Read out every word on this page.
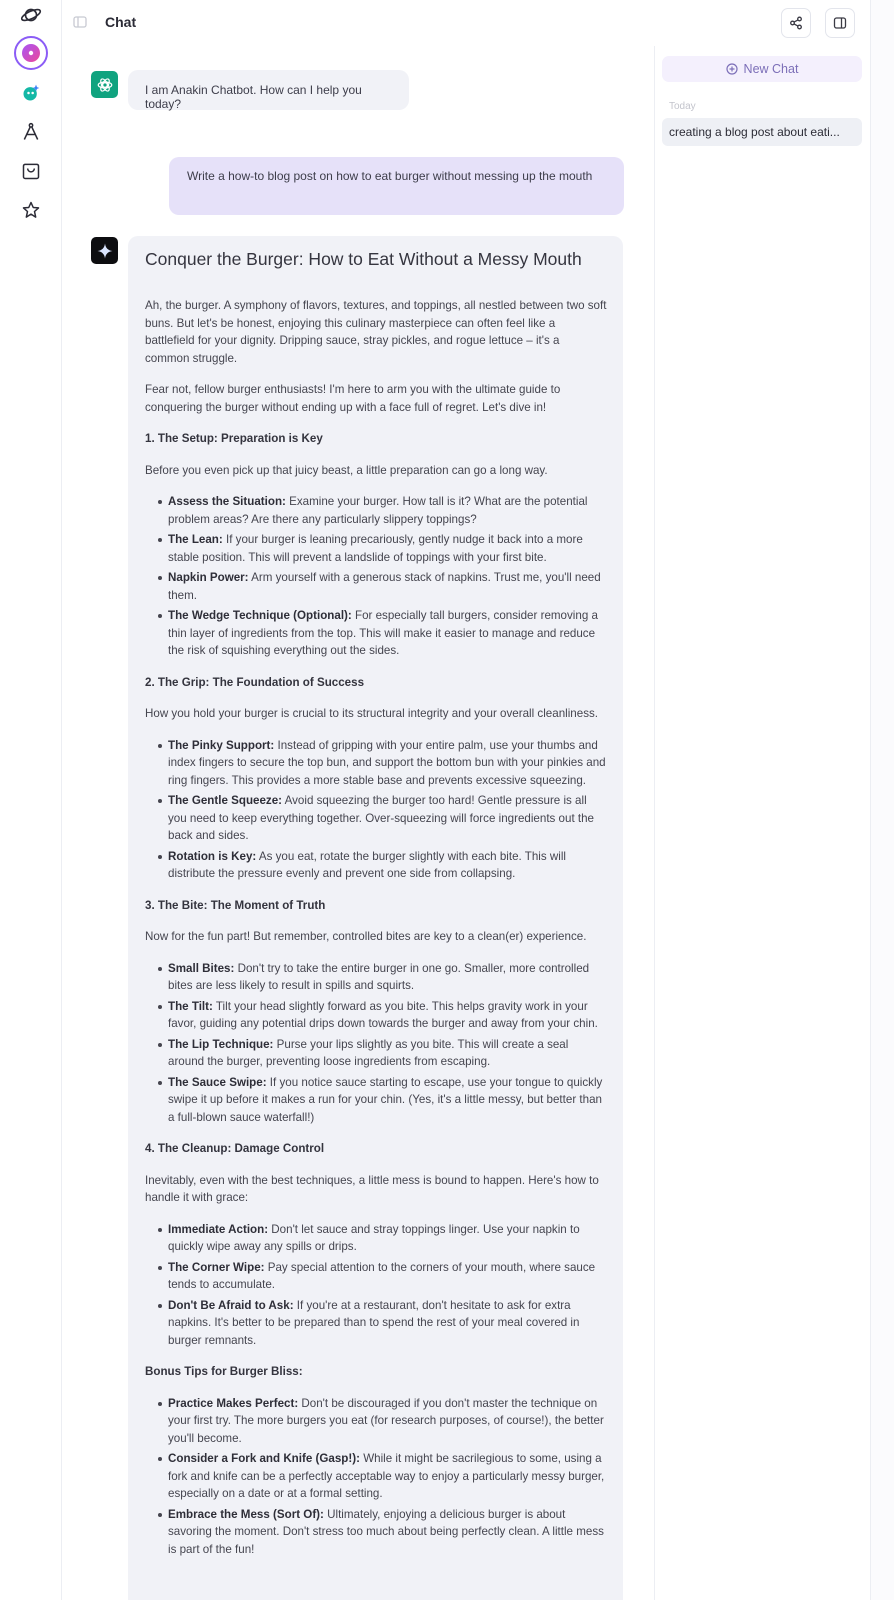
Chat
New Chat
Today
creating a blog post about eati...
I am Anakin Chatbot. How can I help you today?
Write a how-to blog post on how to eat burger without messing up the mouth
Conquer the Burger: How to Eat Without a Messy Mouth

Ah, the burger. A symphony of flavors, textures, and toppings, all nestled between two soft buns. But let's be honest, enjoying this culinary masterpiece can often feel like a battlefield for your dignity. Dripping sauce, stray pickles, and rogue lettuce – it's a common struggle.

Fear not, fellow burger enthusiasts! I'm here to arm you with the ultimate guide to conquering the burger without ending up with a face full of regret. Let's dive in!

1. The Setup: Preparation is Key

Before you even pick up that juicy beast, a little preparation can go a long way.

Assess the Situation: Examine your burger. How tall is it? What are the potential problem areas? Are there any particularly slippery toppings?
The Lean: If your burger is leaning precariously, gently nudge it back into a more stable position. This will prevent a landslide of toppings with your first bite.
Napkin Power: Arm yourself with a generous stack of napkins. Trust me, you'll need them.
The Wedge Technique (Optional): For especially tall burgers, consider removing a thin layer of ingredients from the top. This will make it easier to manage and reduce the risk of squishing everything out the sides.
2. The Grip: The Foundation of Success

How you hold your burger is crucial to its structural integrity and your overall cleanliness.

The Pinky Support: Instead of gripping with your entire palm, use your thumbs and index fingers to secure the top bun, and support the bottom bun with your pinkies and ring fingers. This provides a more stable base and prevents excessive squeezing.
The Gentle Squeeze: Avoid squeezing the burger too hard! Gentle pressure is all you need to keep everything together. Over-squeezing will force ingredients out the back and sides.
Rotation is Key: As you eat, rotate the burger slightly with each bite. This will distribute the pressure evenly and prevent one side from collapsing.
3. The Bite: The Moment of Truth

Now for the fun part! But remember, controlled bites are key to a clean(er) experience.

Small Bites: Don't try to take the entire burger in one go. Smaller, more controlled bites are less likely to result in spills and squirts.
The Tilt: Tilt your head slightly forward as you bite. This helps gravity work in your favor, guiding any potential drips down towards the burger and away from your chin.
The Lip Technique: Purse your lips slightly as you bite. This will create a seal around the burger, preventing loose ingredients from escaping.
The Sauce Swipe: If you notice sauce starting to escape, use your tongue to quickly swipe it up before it makes a run for your chin. (Yes, it's a little messy, but better than a full-blown sauce waterfall!)
4. The Cleanup: Damage Control

Inevitably, even with the best techniques, a little mess is bound to happen. Here's how to handle it with grace:

Immediate Action: Don't let sauce and stray toppings linger. Use your napkin to quickly wipe away any spills or drips.
The Corner Wipe: Pay special attention to the corners of your mouth, where sauce tends to accumulate.
Don't Be Afraid to Ask: If you're at a restaurant, don't hesitate to ask for extra napkins. It's better to be prepared than to spend the rest of your meal covered in burger remnants.
Bonus Tips for Burger Bliss:
Practice Makes Perfect: Don't be discouraged if you don't master the technique on your first try. The more burgers you eat (for research purposes, of course!), the better you'll become.
Consider a Fork and Knife (Gasp!): While it might be sacrilegious to some, using a fork and knife can be a perfectly acceptable way to enjoy a particularly messy burger, especially on a date or at a formal setting.
Embrace the Mess (Sort Of): Ultimately, enjoying a delicious burger is about savoring the moment. Don't stress too much about being perfectly clean. A little mess is part of the fun!
